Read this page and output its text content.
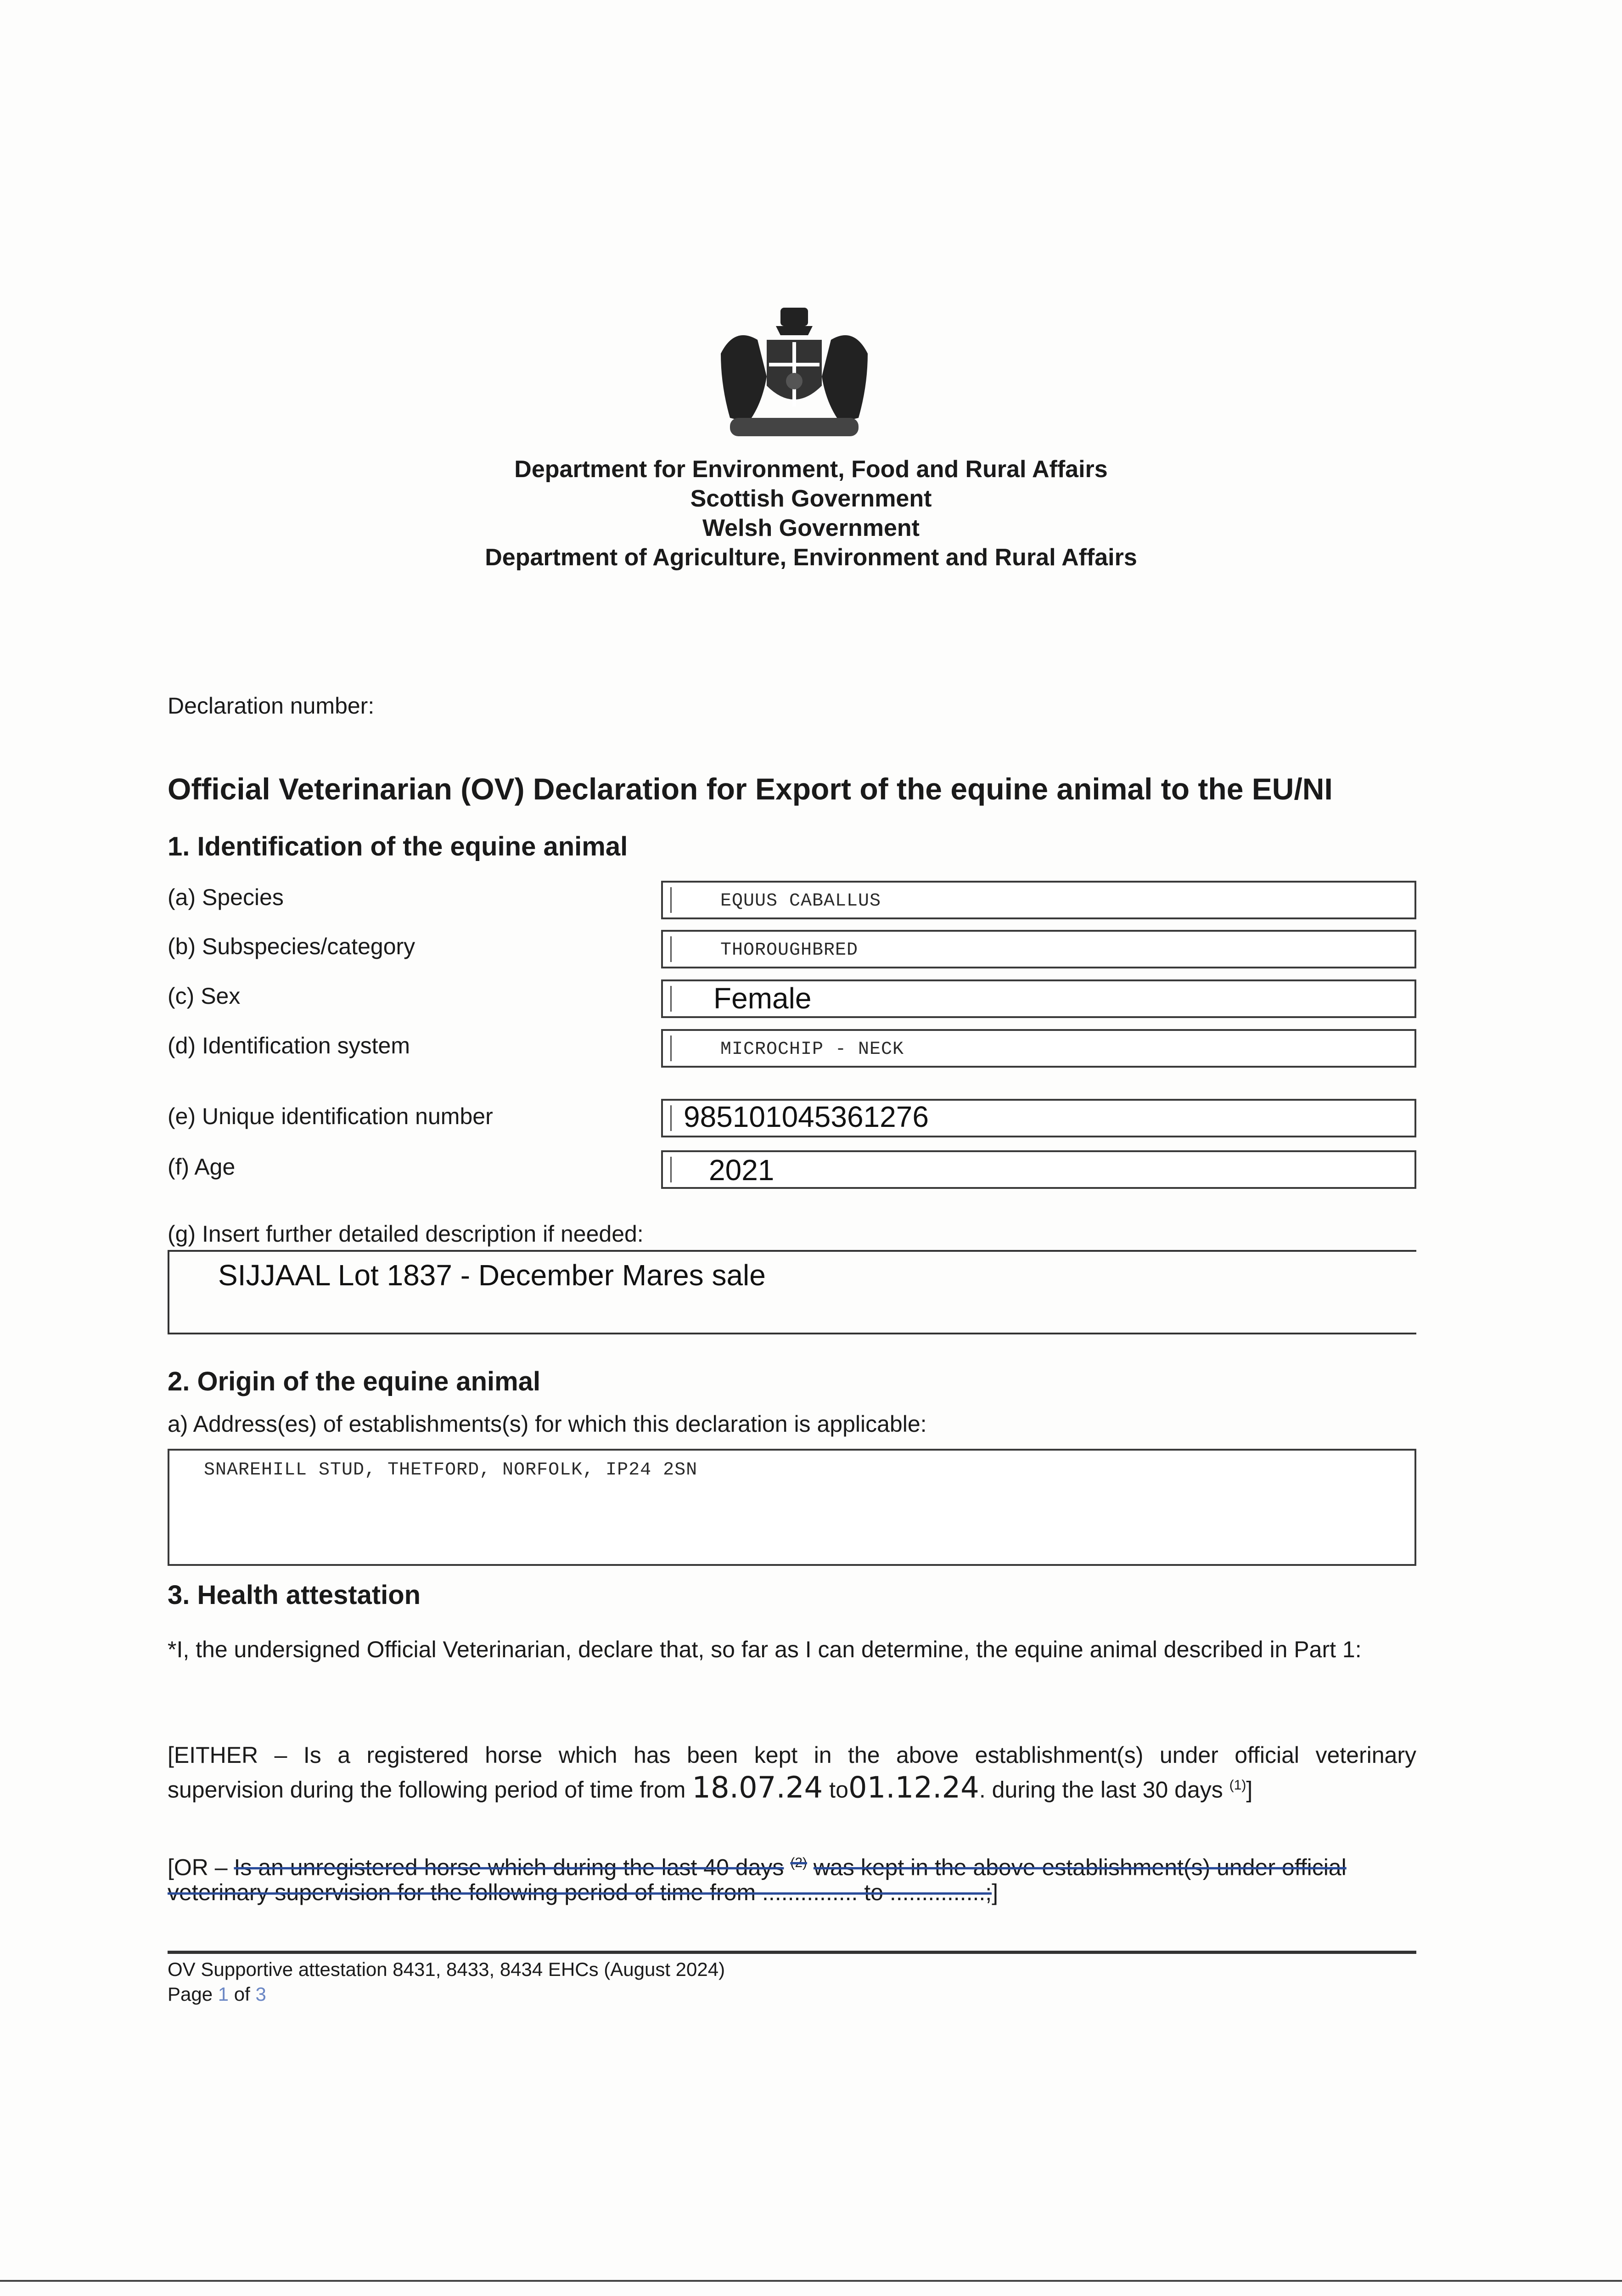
Department for Environment, Food and Rural Affairs
Scottish Government
Welsh Government
Department of Agriculture, Environment and Rural Affairs
Declaration number:
Official Veterinarian (OV) Declaration for Export of the equine animal to the EU/NI
1. Identification of the equine animal
(a) Species	EQUUS CABALLUS
(b) Subspecies/category	THOROUGHBRED
(c) Sex	Female
(d) Identification system	MICROCHIP - NECK
(e) Unique identification number	985101045361276
(f) Age	2021
(g) Insert further detailed description if needed:
SIJJAAL Lot 1837 - December Mares sale
2. Origin of the equine animal
a) Address(es) of establishments(s) for which this declaration is applicable:
SNAREHILL STUD, THETFORD, NORFOLK, IP24 2SN
3. Health attestation
*I, the undersigned Official Veterinarian, declare that, so far as I can determine, the equine animal described in Part 1:
[EITHER – Is a registered horse which has been kept in the above establishment(s) under official veterinary
supervision during the following period of time from 18.07.24 to01.12.24. during the last 30 days $^{(1)}$]
[OR – Is an unregistered horse which during the last 40 days $^{(2)}$ was kept in the above establishment(s) under official
veterinary supervision for the following period of time from ............... to ...............;]
OV Supportive attestation 8431, 8433, 8434 EHCs (August 2024)
Page 1 of 3
